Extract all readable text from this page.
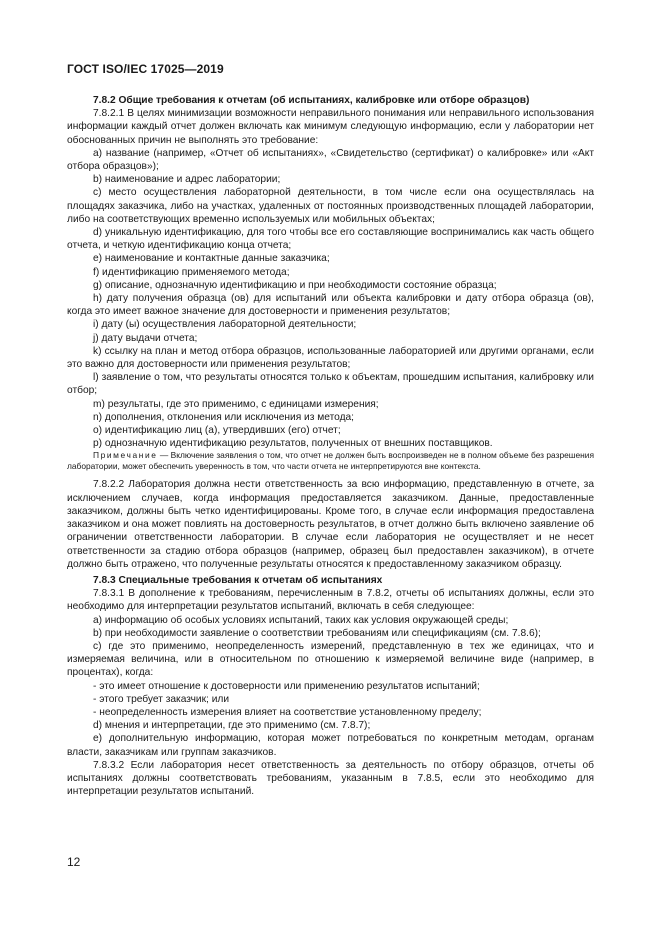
ГОСТ ISO/IEC 17025—2019

7.8.2 Общие требования к отчетам (об испытаниях, калибровке или отборе образцов)

7.8.2.1 В целях минимизации возможности неправильного понимания или неправильного использования информации каждый отчет должен включать как минимум следующую информацию, если у лаборатории нет обоснованных причин не выполнять это требование:

a) название (например, «Отчет об испытаниях», «Свидетельство (сертификат) о калибровке» или «Акт отбора образцов»);

b) наименование и адрес лаборатории;

c) место осуществления лабораторной деятельности, в том числе если она осуществлялась на площадях заказчика, либо на участках, удаленных от постоянных производственных площадей лаборатории, либо на соответствующих временно используемых или мобильных объектах;

d) уникальную идентификацию, для того чтобы все его составляющие воспринимались как часть общего отчета, и четкую идентификацию конца отчета;

e) наименование и контактные данные заказчика;

f) идентификацию применяемого метода;

g) описание, однозначную идентификацию и при необходимости состояние образца;

h) дату получения образца (ов) для испытаний или объекта калибровки и дату отбора образца (ов), когда это имеет важное значение для достоверности и применения результатов;

i) дату (ы) осуществления лабораторной деятельности;

j) дату выдачи отчета;

k) ссылку на план и метод отбора образцов, использованные лабораторией или другими органами, если это важно для достоверности или применения результатов;

l) заявление о том, что результаты относятся только к объектам, прошедшим испытания, калибровку или отбор;

m) результаты, где это применимо, с единицами измерения;

n) дополнения, отклонения или исключения из метода;

o) идентификацию лиц (а), утвердивших (его) отчет;

p) однозначную идентификацию результатов, полученных от внешних поставщиков.

Примечание — Включение заявления о том, что отчет не должен быть воспроизведен не в полном объеме без разрешения лаборатории, может обеспечить уверенность в том, что части отчета не интерпретируются вне контекста.

7.8.2.2 Лаборатория должна нести ответственность за всю информацию, представленную в отчете, за исключением случаев, когда информация предоставляется заказчиком. Данные, предоставленные заказчиком, должны быть четко идентифицированы. Кроме того, в случае если информация предоставлена заказчиком и она может повлиять на достоверность результатов, в отчет должно быть включено заявление об ограничении ответственности лаборатории. В случае если лаборатория не осуществляет и не несет ответственности за стадию отбора образцов (например, образец был предоставлен заказчиком), в отчете должно быть отражено, что полученные результаты относятся к предоставленному заказчиком образцу.

7.8.3 Специальные требования к отчетам об испытаниях

7.8.3.1 В дополнение к требованиям, перечисленным в 7.8.2, отчеты об испытаниях должны, если это необходимо для интерпретации результатов испытаний, включать в себя следующее:

a) информацию об особых условиях испытаний, таких как условия окружающей среды;

b) при необходимости заявление о соответствии требованиям или спецификациям (см. 7.8.6);

c) где это применимо, неопределенность измерений, представленную в тех же единицах, что и измеряемая величина, или в относительном по отношению к измеряемой величине виде (например, в процентах), когда:

- это имеет отношение к достоверности или применению результатов испытаний;

- этого требует заказчик; или

- неопределенность измерения влияет на соответствие установленному пределу;

d) мнения и интерпретации, где это применимо (см. 7.8.7);

e) дополнительную информацию, которая может потребоваться по конкретным методам, органам власти, заказчикам или группам заказчиков.

7.8.3.2 Если лаборатория несет ответственность за деятельность по отбору образцов, отчеты об испытаниях должны соответствовать требованиям, указанным в 7.8.5, если это необходимо для интерпретации результатов испытаний.

12
